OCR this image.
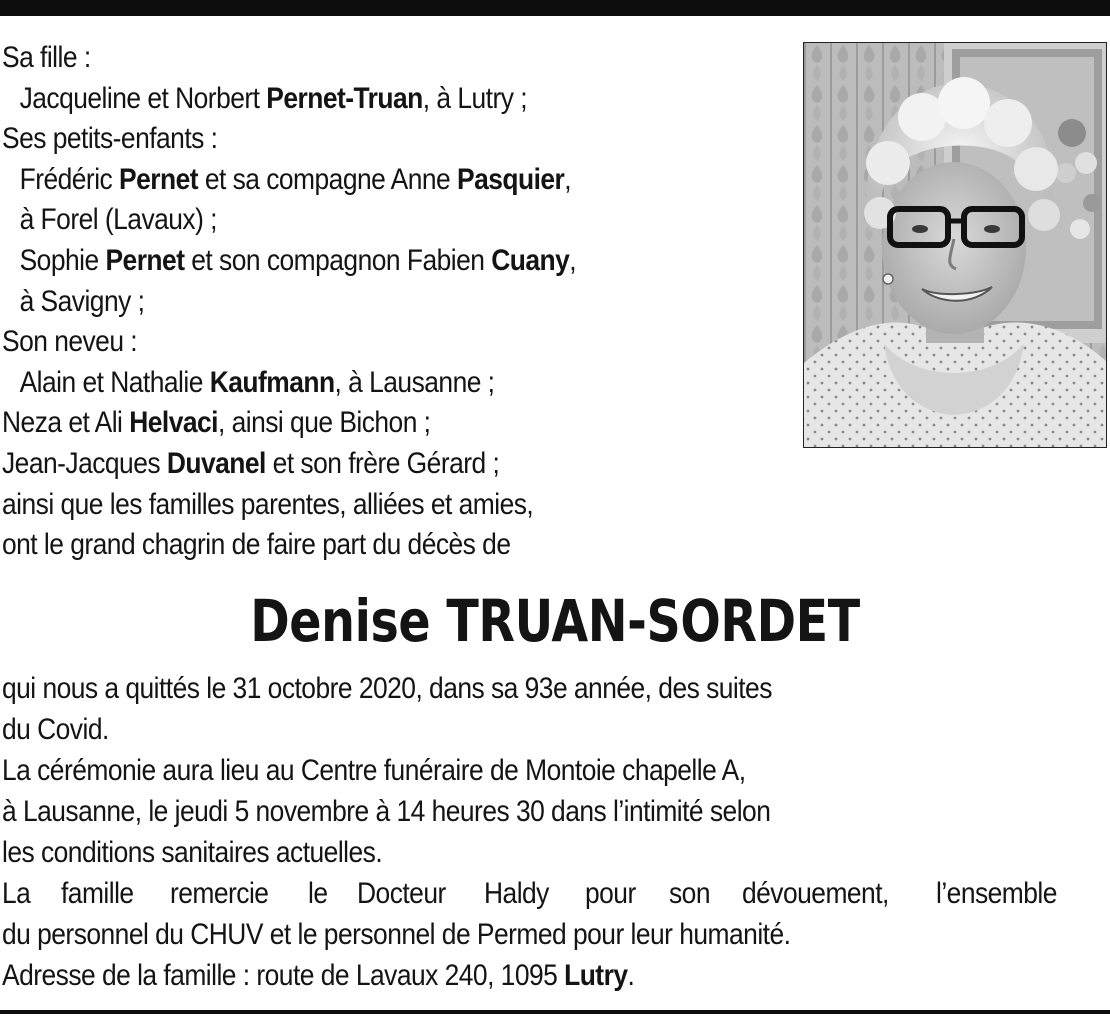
Sa fille :
Jacqueline et Norbert Pernet-Truan, à Lutry ;
Ses petits-enfants :
Frédéric Pernet et sa compagne Anne Pasquier,
à Forel (Lavaux) ;
Sophie Pernet et son compagnon Fabien Cuany,
à Savigny ;
Son neveu :
Alain et Nathalie Kaufmann, à Lausanne ;
Neza et Ali Helvaci, ainsi que Bichon ;
Jean-Jacques Duvanel et son frère Gérard ;
ainsi que les familles parentes, alliées et amies,
ont le grand chagrin de faire part du décès de
Denise TRUAN-SORDET
qui nous a quittés le 31 octobre 2020, dans sa 93e année, des suites
du Covid.
La cérémonie aura lieu au Centre funéraire de Montoie chapelle A,
à Lausanne, le jeudi 5 novembre à 14 heures 30 dans l’intimité selon
les conditions sanitaires actuelles.
La famille remercie le Docteur Haldy pour son dévouement, l’ensemble
du personnel du CHUV et le personnel de Permed pour leur humanité.
Adresse de la famille : route de Lavaux 240, 1095 Lutry.
